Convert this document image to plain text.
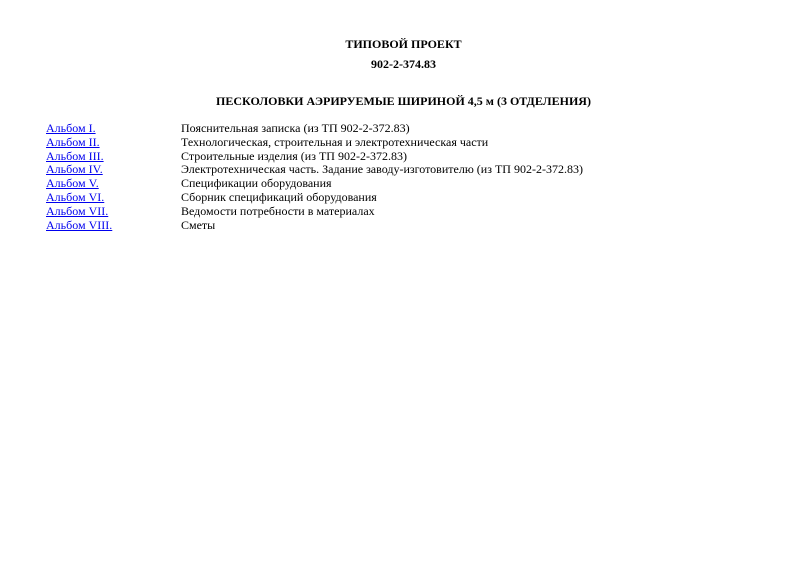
ТИПОВОЙ ПРОЕКТ
902-2-374.83
ПЕСКОЛОВКИ АЭРИРУЕМЫЕ ШИРИНОЙ 4,5 м (3 ОТДЕЛЕНИЯ)
Альбом I.	Пояснительная записка (из ТП 902-2-372.83)
Альбом II.	Технологическая, строительная и электротехническая части
Альбом III.	Строительные изделия (из ТП 902-2-372.83)
Альбом IV.	Электротехническая часть. Задание заводу-изготовителю (из ТП 902-2-372.83)
Альбом V.	Спецификации оборудования
Альбом VI.	Сборник спецификаций оборудования
Альбом VII.	Ведомости потребности в материалах
Альбом VIII.	Сметы
